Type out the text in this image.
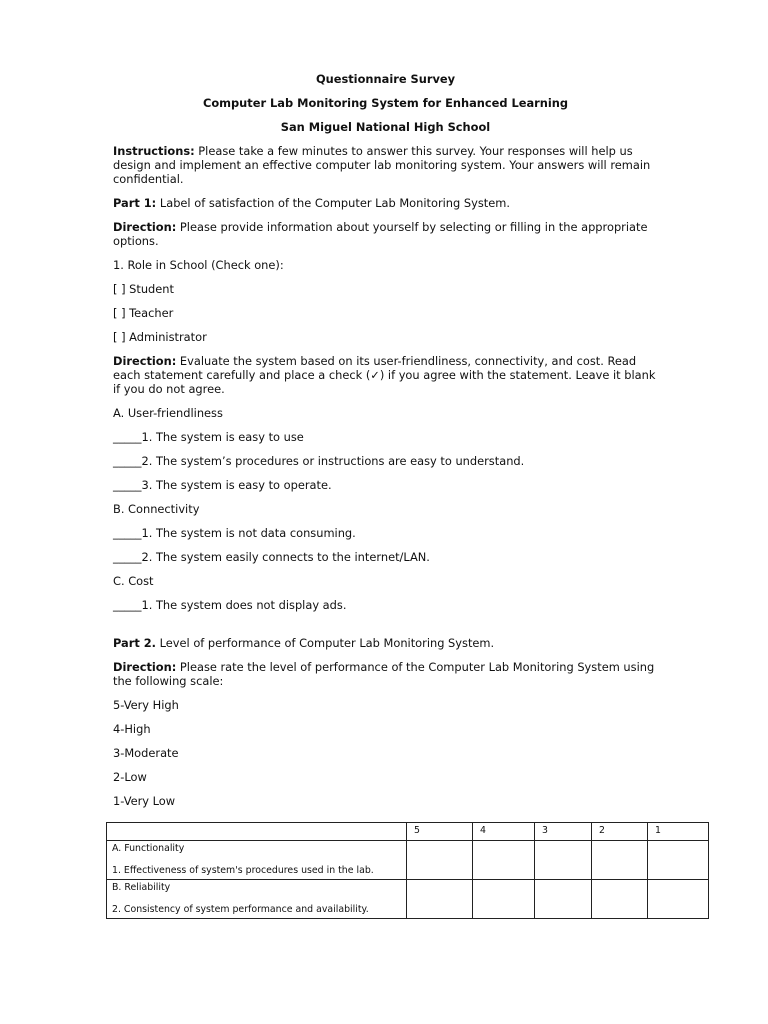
Questionnaire Survey

Computer Lab Monitoring System for Enhanced Learning

San Miguel National High School

Instructions: Please take a few minutes to answer this survey. Your responses will help us design and implement an effective computer lab monitoring system. Your answers will remain confidential.

Part 1: Label of satisfaction of the Computer Lab Monitoring System.

Direction: Please provide information about yourself by selecting or filling in the appropriate options.

1. Role in School (Check one):

[ ] Student

[ ] Teacher

[ ] Administrator

Direction: Evaluate the system based on its user-friendliness, connectivity, and cost. Read each statement carefully and place a check (✓) if you agree with the statement. Leave it blank if you do not agree.

A. User-friendliness

_____1. The system is easy to use

_____2. The system’s procedures or instructions are easy to understand.

_____3. The system is easy to operate.

B. Connectivity

_____1. The system is not data consuming.

_____2. The system easily connects to the internet/LAN.

C. Cost

_____1. The system does not display ads.

Part 2. Level of performance of Computer Lab Monitoring System.

Direction: Please rate the level of performance of the Computer Lab Monitoring System using the following scale:

5-Very High

4-High

3-Moderate

2-Low

1-Very Low

	5	4	3	2	1

A. Functionality
1. Effectiveness of system's procedures used in the lab.					

B. Reliability
2. Consistency of system performance and availability.					
